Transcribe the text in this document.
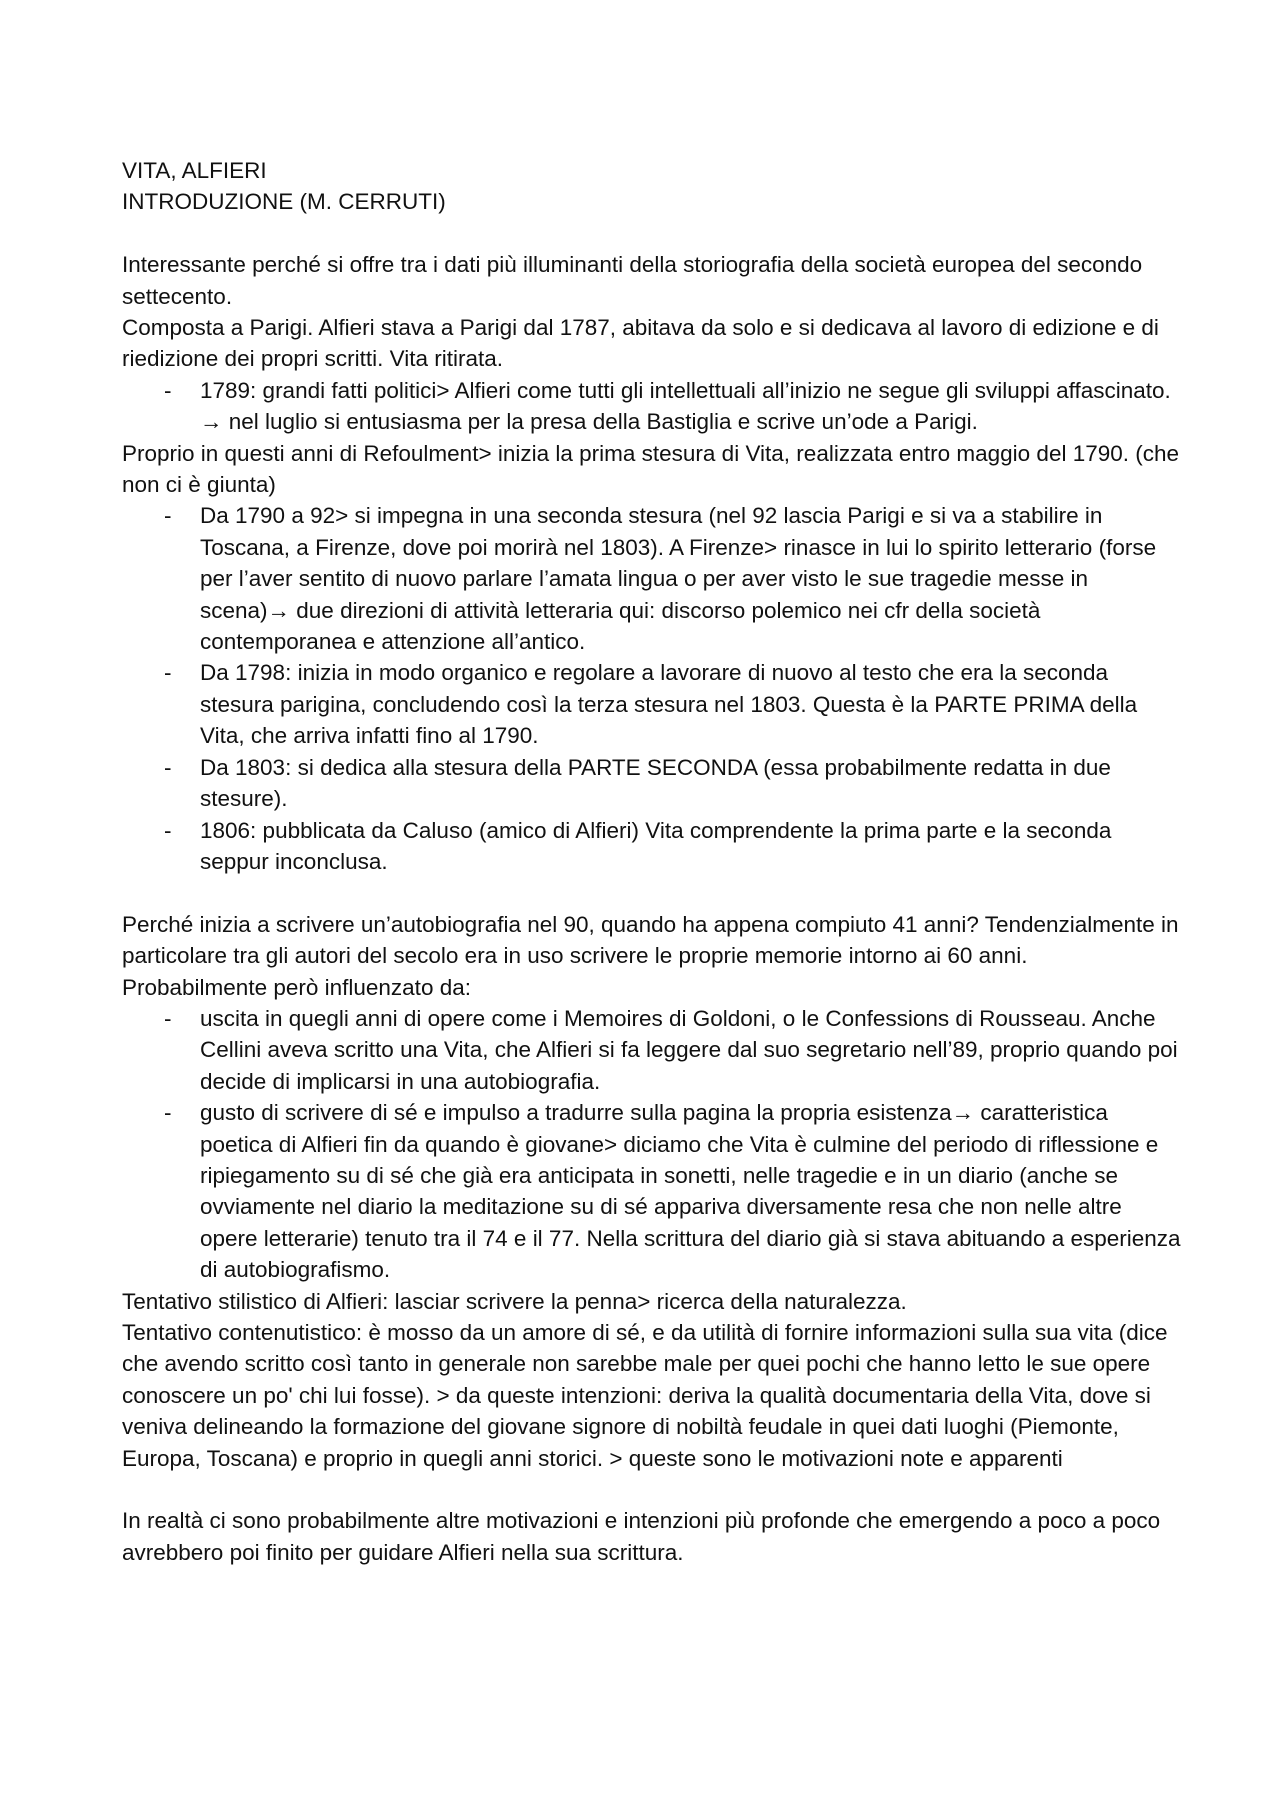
VITA, ALFIERI

INTRODUZIONE (M. CERRUTI)

Interessante perché si offre tra i dati più illuminanti della storiografia della società europea del secondo settecento.

Composta a Parigi. Alfieri stava a Parigi dal 1787, abitava da solo e si dedicava al lavoro di edizione e di riedizione dei propri scritti. Vita ritirata.

- 1789: grandi fatti politici> Alfieri come tutti gli intellettuali all’inizio ne segue gli sviluppi affascinato. → nel luglio si entusiasma per la presa della Bastiglia e scrive un’ode a Parigi.

Proprio in questi anni di Refoulment> inizia la prima stesura di Vita, realizzata entro maggio del 1790. (che non ci è giunta)

- Da 1790 a 92> si impegna in una seconda stesura (nel 92 lascia Parigi e si va a stabilire in Toscana, a Firenze, dove poi morirà nel 1803). A Firenze> rinasce in lui lo spirito letterario (forse per l’aver sentito di nuovo parlare l’amata lingua o per aver visto le sue tragedie messe in scena)→ due direzioni di attività letteraria qui: discorso polemico nei cfr della società contemporanea e attenzione all’antico.
- Da 1798: inizia in modo organico e regolare a lavorare di nuovo al testo che era la seconda stesura parigina, concludendo così la terza stesura nel 1803. Questa è la PARTE PRIMA della Vita, che arriva infatti fino al 1790.
- Da 1803: si dedica alla stesura della PARTE SECONDA (essa probabilmente redatta in due stesure).
- 1806: pubblicata da Caluso (amico di Alfieri) Vita comprendente la prima parte e la seconda seppur inconclusa.

Perché inizia a scrivere un’autobiografia nel 90, quando ha appena compiuto 41 anni? Tendenzialmente in particolare tra gli autori del secolo era in uso scrivere le proprie memorie intorno ai 60 anni.

Probabilmente però influenzato da:

- uscita in quegli anni di opere come i Memoires di Goldoni, o le Confessions di Rousseau. Anche Cellini aveva scritto una Vita, che Alfieri si fa leggere dal suo segretario nell’89, proprio quando poi decide di implicarsi in una autobiografia.
- gusto di scrivere di sé e impulso a tradurre sulla pagina la propria esistenza→ caratteristica poetica di Alfieri fin da quando è giovane> diciamo che Vita è culmine del periodo di riflessione e ripiegamento su di sé che già era anticipata in sonetti, nelle tragedie e in un diario (anche se ovviamente nel diario la meditazione su di sé appariva diversamente resa che non nelle altre opere letterarie) tenuto tra il 74 e il 77. Nella scrittura del diario già si stava abituando a esperienza di autobiografismo.

Tentativo stilistico di Alfieri: lasciar scrivere la penna> ricerca della naturalezza.

Tentativo contenutistico: è mosso da un amore di sé, e da utilità di fornire informazioni sulla sua vita (dice che avendo scritto così tanto in generale non sarebbe male per quei pochi che hanno letto le sue opere conoscere un po' chi lui fosse). > da queste intenzioni: deriva la qualità documentaria della Vita, dove si veniva delineando la formazione del giovane signore di nobiltà feudale in quei dati luoghi (Piemonte, Europa, Toscana) e proprio in quegli anni storici. > queste sono le motivazioni note e apparenti

In realtà ci sono probabilmente altre motivazioni e intenzioni più profonde che emergendo a poco a poco avrebbero poi finito per guidare Alfieri nella sua scrittura.
